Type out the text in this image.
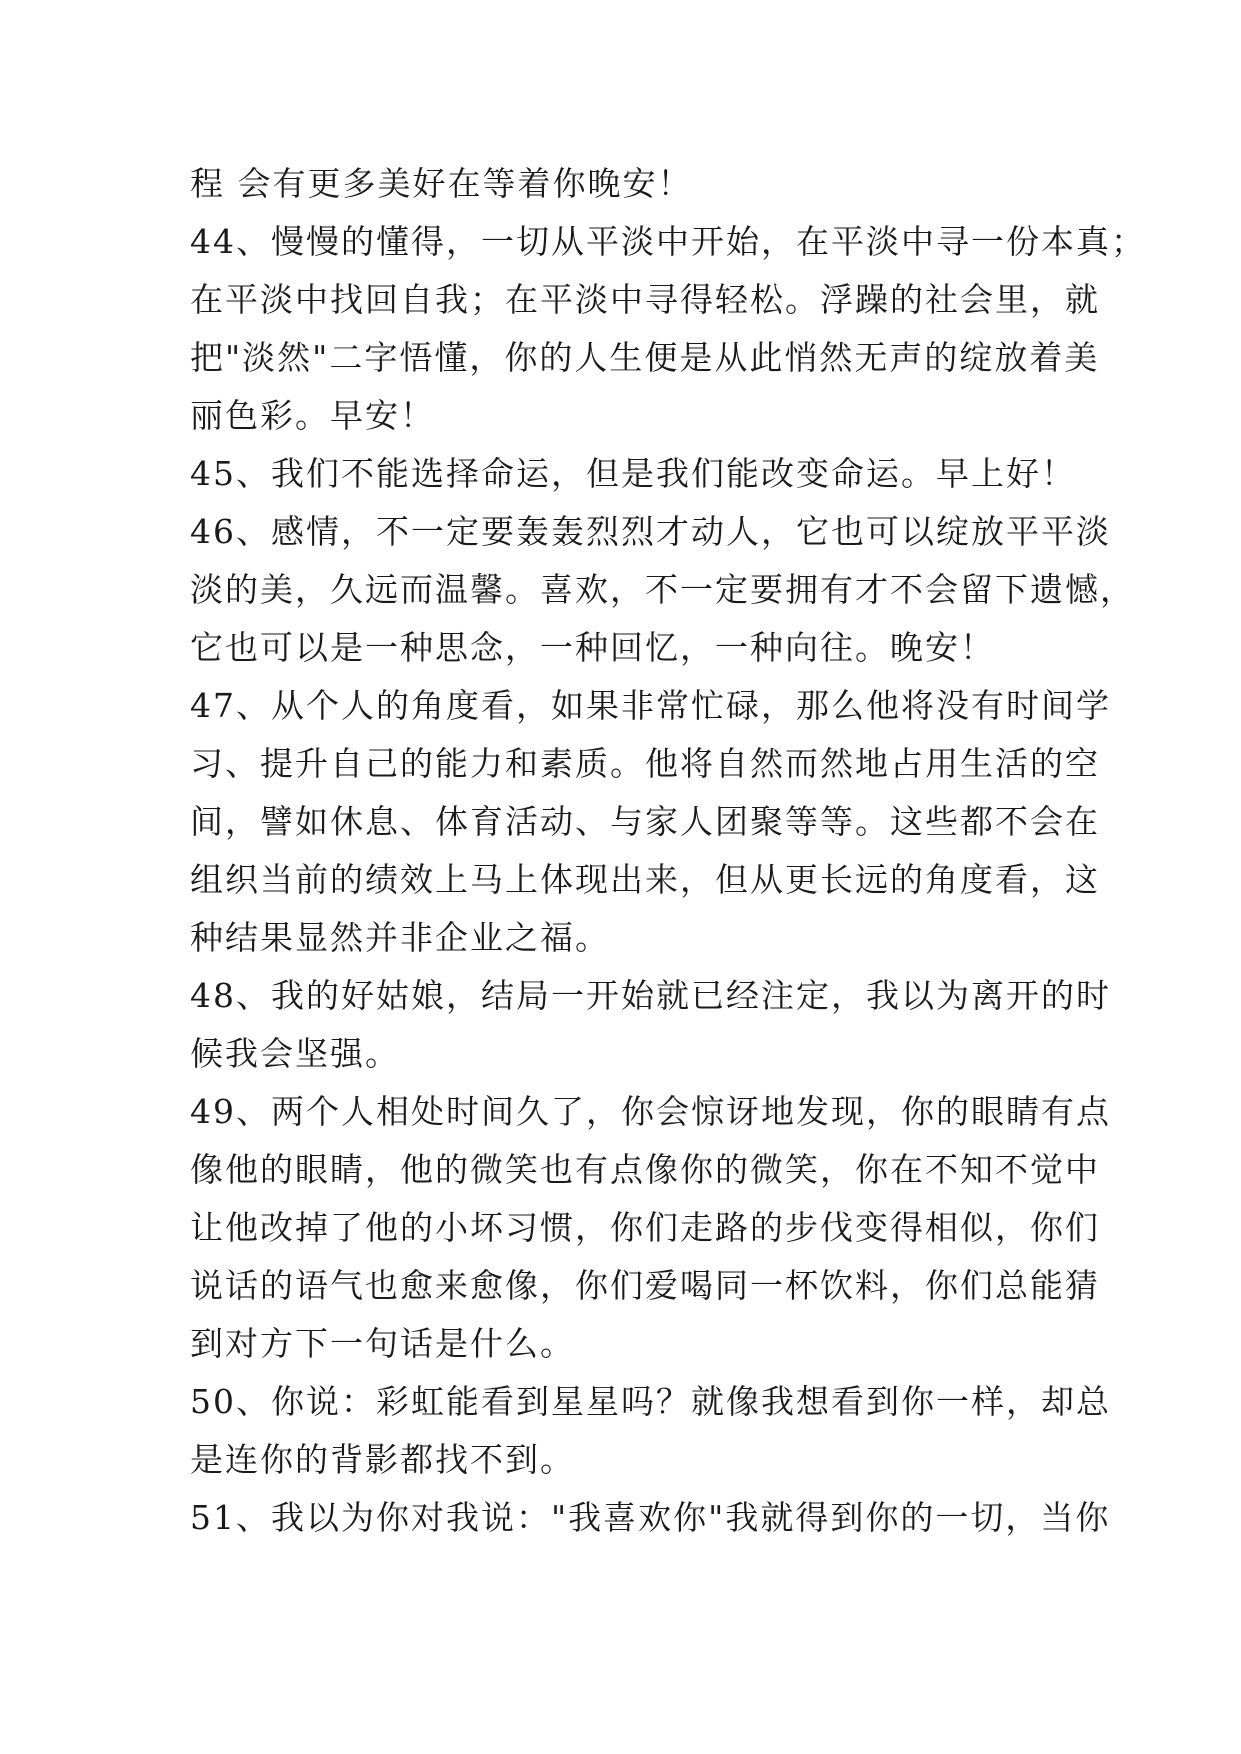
程 会有更多美好在等着你晚安！
44、慢慢的懂得，一切从平淡中开始，在平淡中寻一份本真；
在平淡中找回自我；在平淡中寻得轻松。浮躁的社会里，就
把"淡然"二字悟懂，你的人生便是从此悄然无声的绽放着美
丽色彩。早安！
45、我们不能选择命运，但是我们能改变命运。早上好！
46、感情，不一定要轰轰烈烈才动人，它也可以绽放平平淡
淡的美，久远而温馨。喜欢，不一定要拥有才不会留下遗憾，
它也可以是一种思念，一种回忆，一种向往。晚安！
47、从个人的角度看，如果非常忙碌，那么他将没有时间学
习、提升自己的能力和素质。他将自然而然地占用生活的空
间，譬如休息、体育活动、与家人团聚等等。这些都不会在
组织当前的绩效上马上体现出来，但从更长远的角度看，这
种结果显然并非企业之福。
48、我的好姑娘，结局一开始就已经注定，我以为离开的时
候我会坚强。
49、两个人相处时间久了，你会惊讶地发现，你的眼睛有点
像他的眼睛，他的微笑也有点像你的微笑，你在不知不觉中
让他改掉了他的小坏习惯，你们走路的步伐变得相似，你们
说话的语气也愈来愈像，你们爱喝同一杯饮料，你们总能猜
到对方下一句话是什么。
50、你说：彩虹能看到星星吗？就像我想看到你一样，却总
是连你的背影都找不到。
51、我以为你对我说："我喜欢你"我就得到你的一切，当你
